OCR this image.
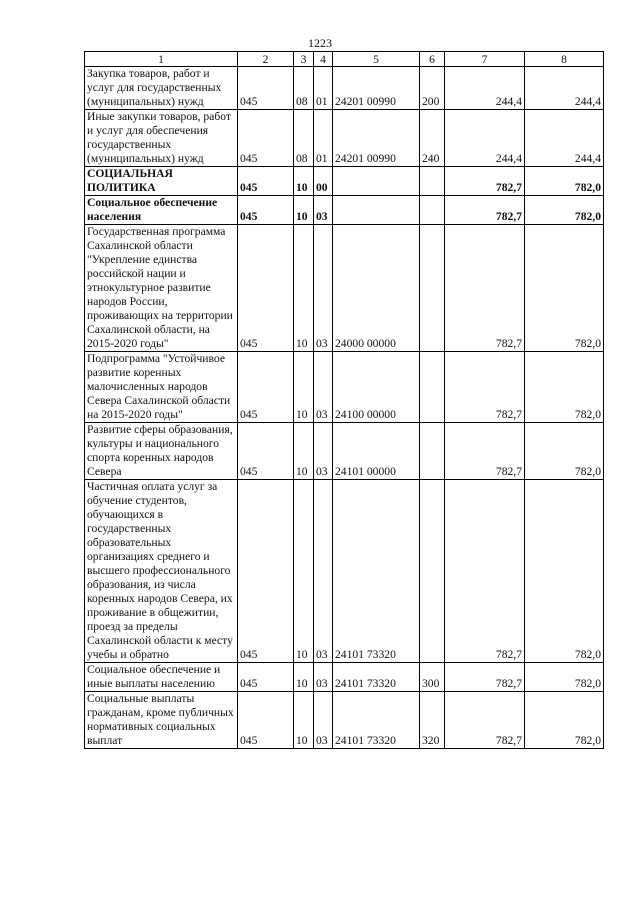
1223
1	2	3	4	5	6	7	8
Закупка товаров, работ и услуг для государственных (муниципальных) нужд	045	08	01	24201 00990	200	244,4	244,4
Иные закупки товаров, работ и услуг для обеспечения государственных (муниципальных) нужд	045	08	01	24201 00990	240	244,4	244,4
СОЦИАЛЬНАЯ ПОЛИТИКА	045	10	00			782,7	782,0
Социальное обеспечение населения	045	10	03			782,7	782,0
Государственная программа Сахалинской области "Укрепление единства российской нации и этнокультурное развитие народов России, проживающих на территории Сахалинской области, на 2015-2020 годы"	045	10	03	24000 00000		782,7	782,0
Подпрограмма "Устойчивое развитие коренных малочисленных народов Севера Сахалинской области на 2015-2020 годы"	045	10	03	24100 00000		782,7	782,0
Развитие сферы образования, культуры и национального спорта коренных народов Севера	045	10	03	24101 00000		782,7	782,0
Частичная оплата услуг за обучение студентов, обучающихся в государственных образовательных организациях среднего и высшего профессионального образования, из числа коренных народов Севера, их проживание в общежитии, проезд за пределы Сахалинской области к месту учебы и обратно	045	10	03	24101 73320		782,7	782,0
Социальное обеспечение и иные выплаты населению	045	10	03	24101 73320	300	782,7	782,0
Социальные выплаты гражданам, кроме публичных нормативных социальных выплат	045	10	03	24101 73320	320	782,7	782,0
